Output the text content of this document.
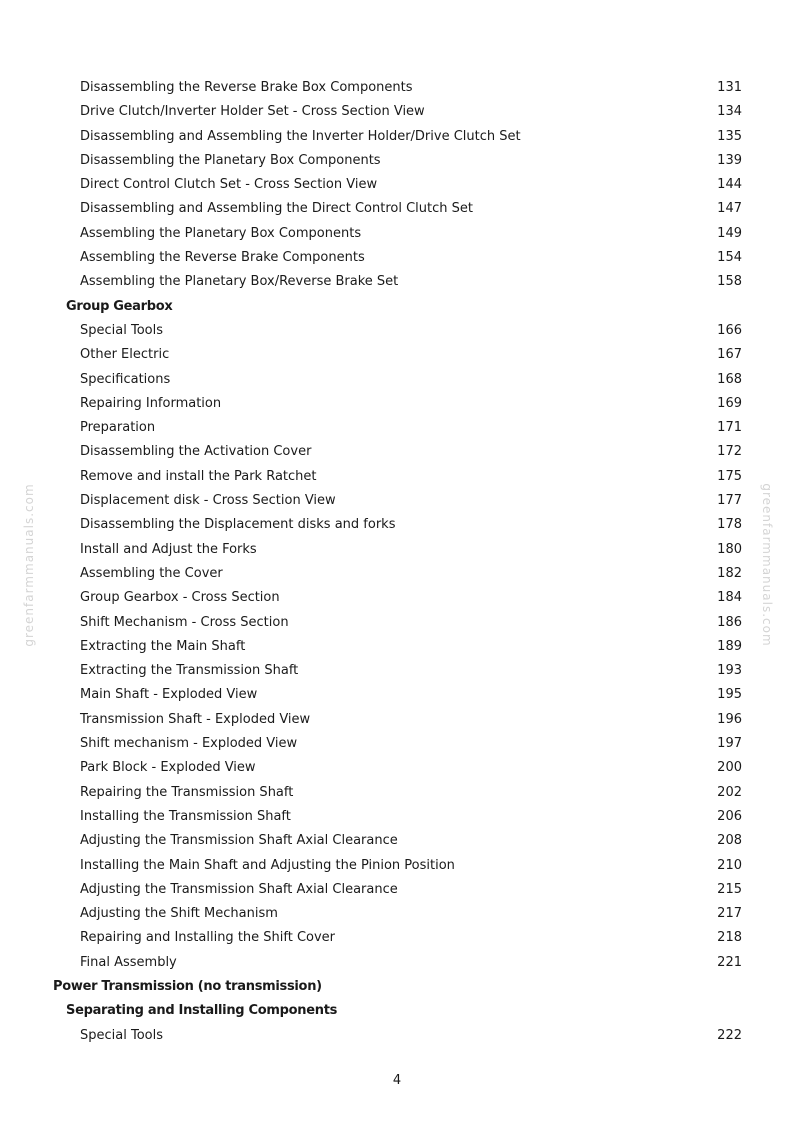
greenfarmmanuals.com	greenfarmmanuals.com
Disassembling the Reverse Brake Box Components	131
Drive Clutch/Inverter Holder Set - Cross Section View	134
Disassembling and Assembling the Inverter Holder/Drive Clutch Set	135
Disassembling the Planetary Box Components	139
Direct Control Clutch Set - Cross Section View	144
Disassembling and Assembling the Direct Control Clutch Set	147
Assembling the Planetary Box Components	149
Assembling the Reverse Brake Components	154
Assembling the Planetary Box/Reverse Brake Set	158
Group Gearbox
Special Tools	166
Other Electric	167
Specifications	168
Repairing Information	169
Preparation	171
Disassembling the Activation Cover	172
Remove and install the Park Ratchet	175
Displacement disk - Cross Section View	177
Disassembling the Displacement disks and forks	178
Install and Adjust the Forks	180
Assembling the Cover	182
Group Gearbox - Cross Section	184
Shift Mechanism - Cross Section	186
Extracting the Main Shaft	189
Extracting the Transmission Shaft	193
Main Shaft - Exploded View	195
Transmission Shaft - Exploded View	196
Shift mechanism - Exploded View	197
Park Block - Exploded View	200
Repairing the Transmission Shaft	202
Installing the Transmission Shaft	206
Adjusting the Transmission Shaft Axial Clearance	208
Installing the Main Shaft and Adjusting the Pinion Position	210
Adjusting the Transmission Shaft Axial Clearance	215
Adjusting the Shift Mechanism	217
Repairing and Installing the Shift Cover	218
Final Assembly	221
Power Transmission (no transmission)
Separating and Installing Components
Special Tools	222
4
